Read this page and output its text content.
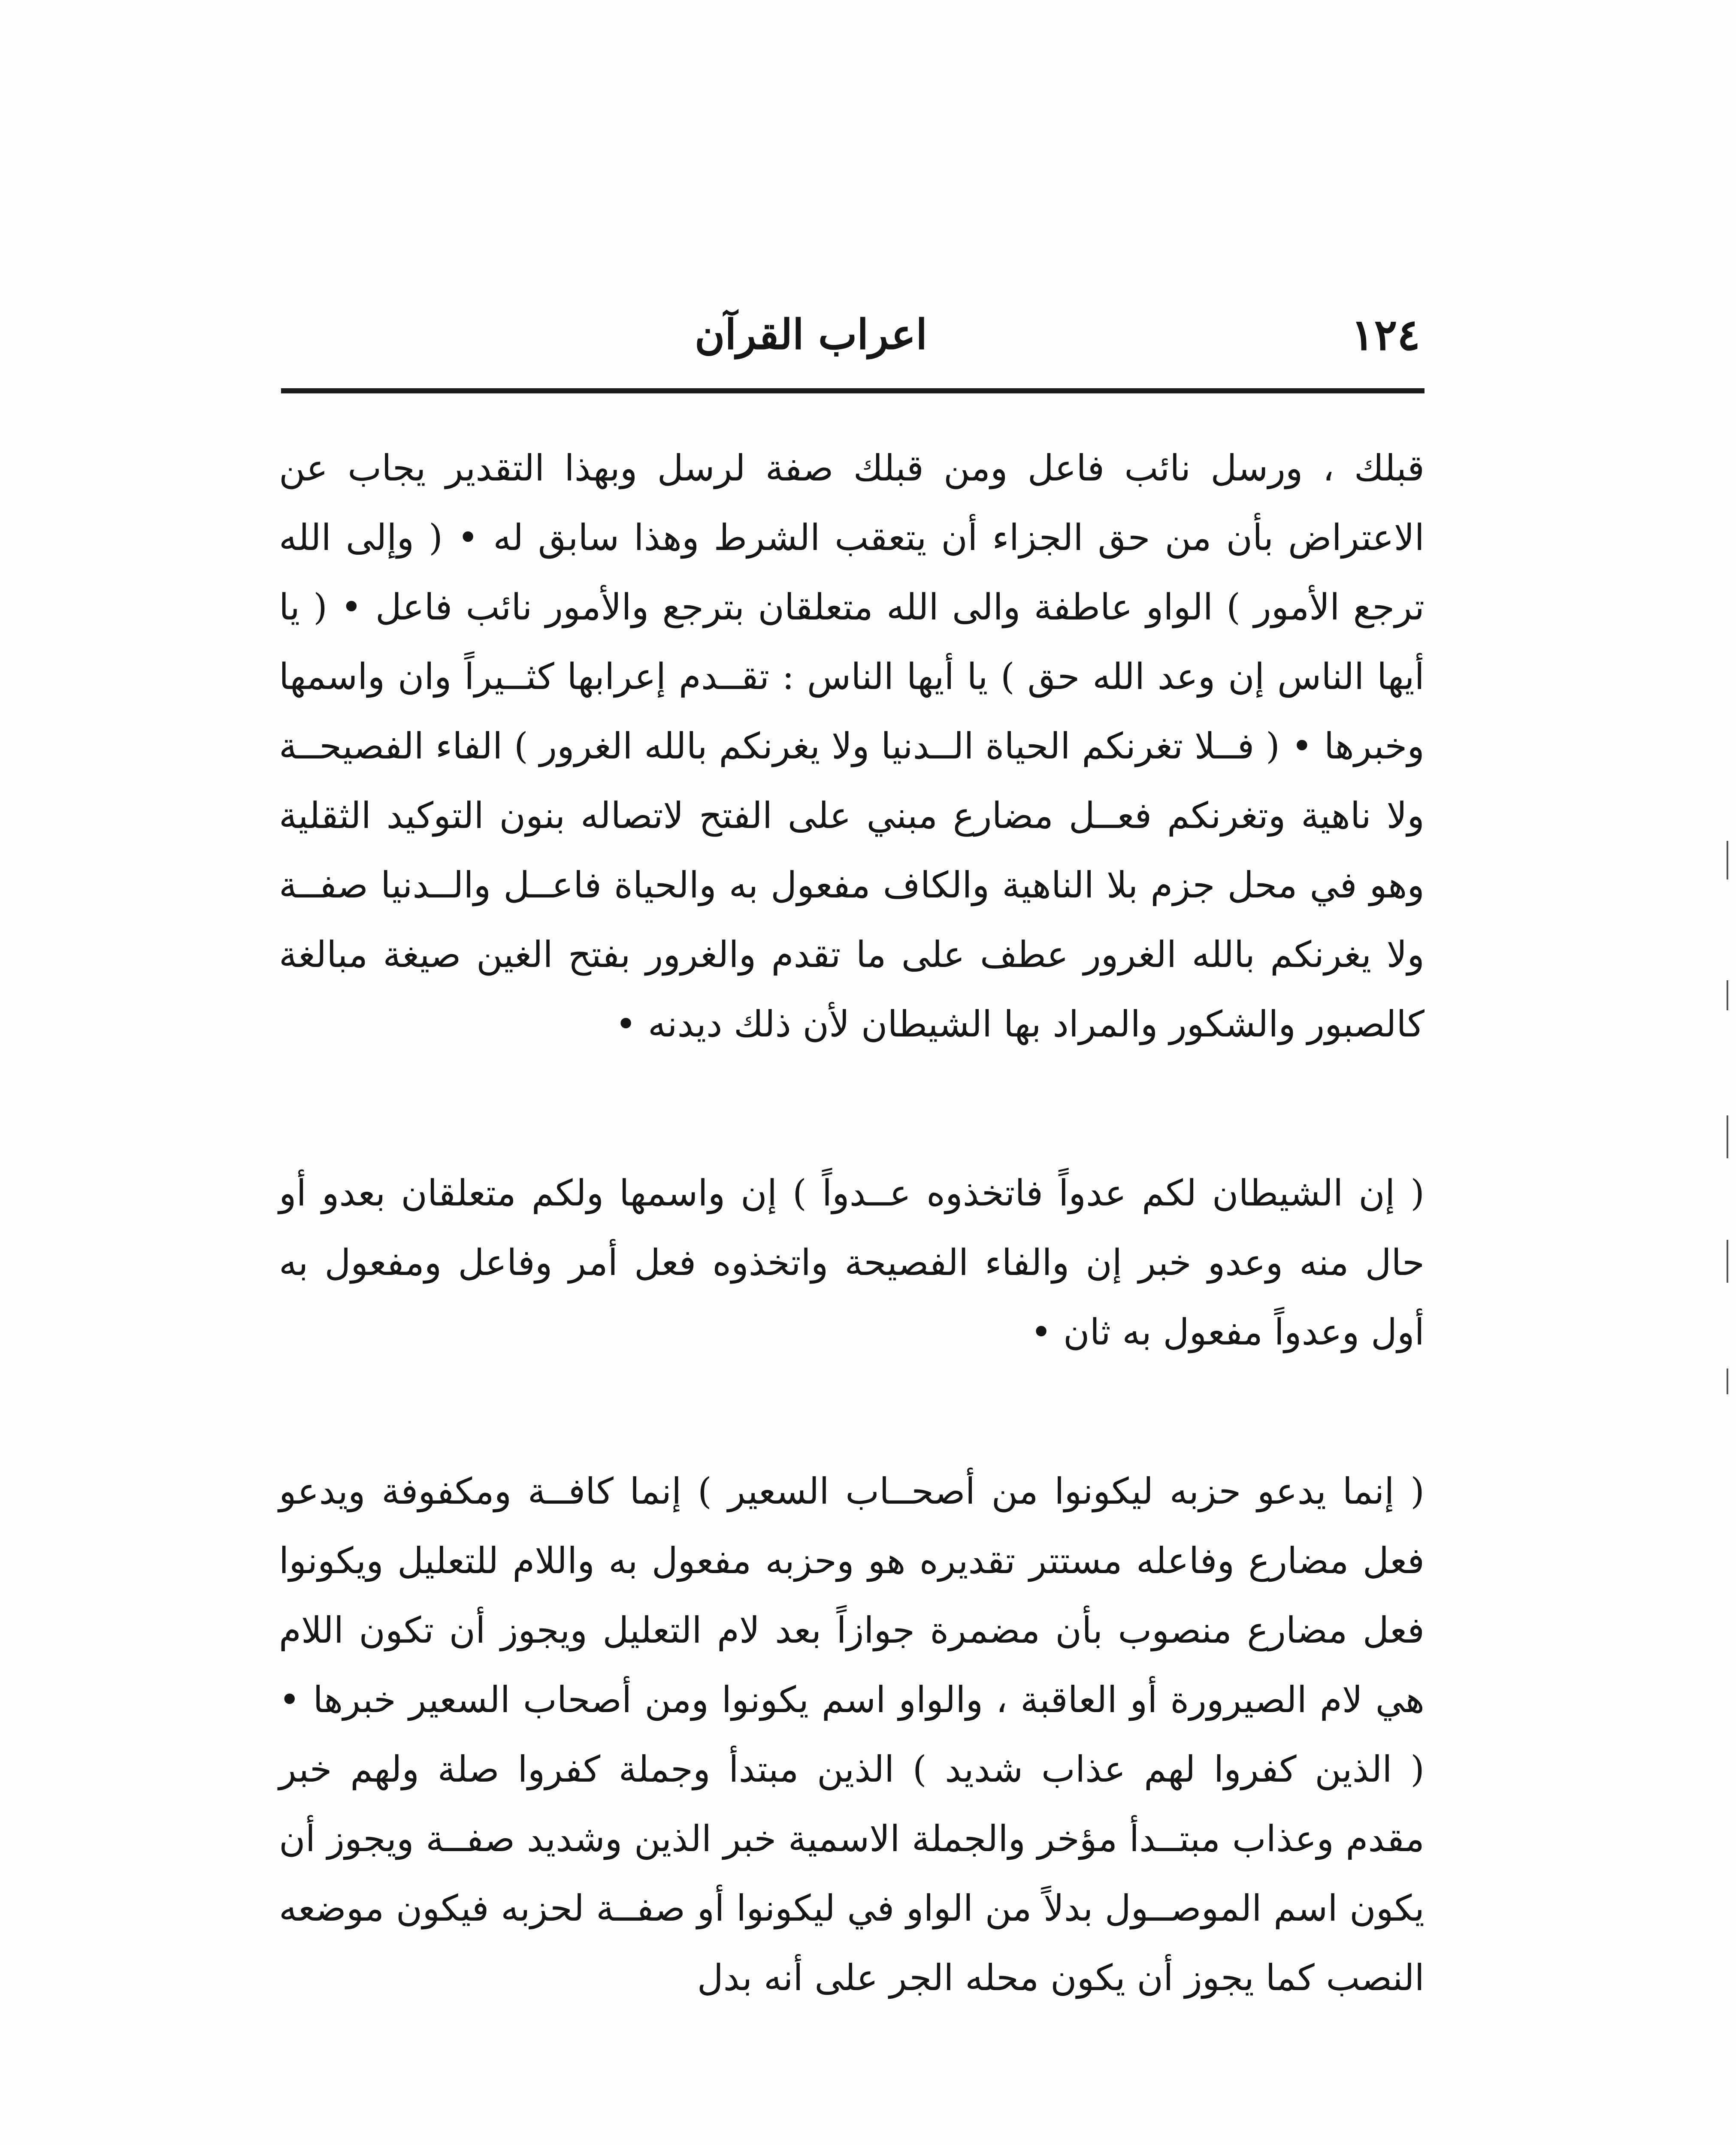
١٢٤
اعراب القرآن

قبلك ، ورسل نائب فاعل ومن قبلك صفة لرسل وبهذا التقدير يجاب عن الاعتراض بأن من حق الجزاء أن يتعقب الشرط وهذا سابق له • ( وإلى الله ترجع الأمور ) الواو عاطفة والى الله متعلقان بترجع والأمور نائب فاعل • ( يا أيها الناس إن وعد الله حق ) يا أيها الناس : تقــدم إعرابها كثــيراً وان واسمها وخبرها • ( فــلا تغرنكم الحياة الــدنيا ولا يغرنكم بالله الغرور ) الفاء الفصيحــة ولا ناهية وتغرنكم فعــل مضارع مبني على الفتح لاتصاله بنون التوكيد الثقلية وهو في محل جزم بلا الناهية والكاف مفعول به والحياة فاعــل والــدنيا صفــة ولا يغرنكم بالله الغرور عطف على ما تقدم والغرور بفتح الغين صيغة مبالغة كالصبور والشكور والمراد بها الشيطان لأن ذلك ديدنه •

( إن الشيطان لكم عدواً فاتخذوه عــدواً ) إن واسمها ولكم متعلقان بعدو أو حال منه وعدو خبر إن والفاء الفصيحة واتخذوه فعل أمر وفاعل ومفعول به أول وعدواً مفعول به ثان •

( إنما يدعو حزبه ليكونوا من أصحــاب السعير ) إنما كافــة ومكفوفة ويدعو فعل مضارع وفاعله مستتر تقديره هو وحزبه مفعول به واللام للتعليل ويكونوا فعل مضارع منصوب بأن مضمرة جوازاً بعد لام التعليل ويجوز أن تكون اللام هي لام الصيرورة أو العاقبة ، والواو اسم يكونوا ومن أصحاب السعير خبرها • ( الذين كفروا لهم عذاب شديد ) الذين مبتدأ وجملة كفروا صلة ولهم خبر مقدم وعذاب مبتــدأ مؤخر والجملة الاسمية خبر الذين وشديد صفــة ويجوز أن يكون اسم الموصــول بدلاً من الواو في ليكونوا أو صفــة لحزبه فيكون موضعه النصب كما يجوز أن يكون محله الجر على أنه بدل
